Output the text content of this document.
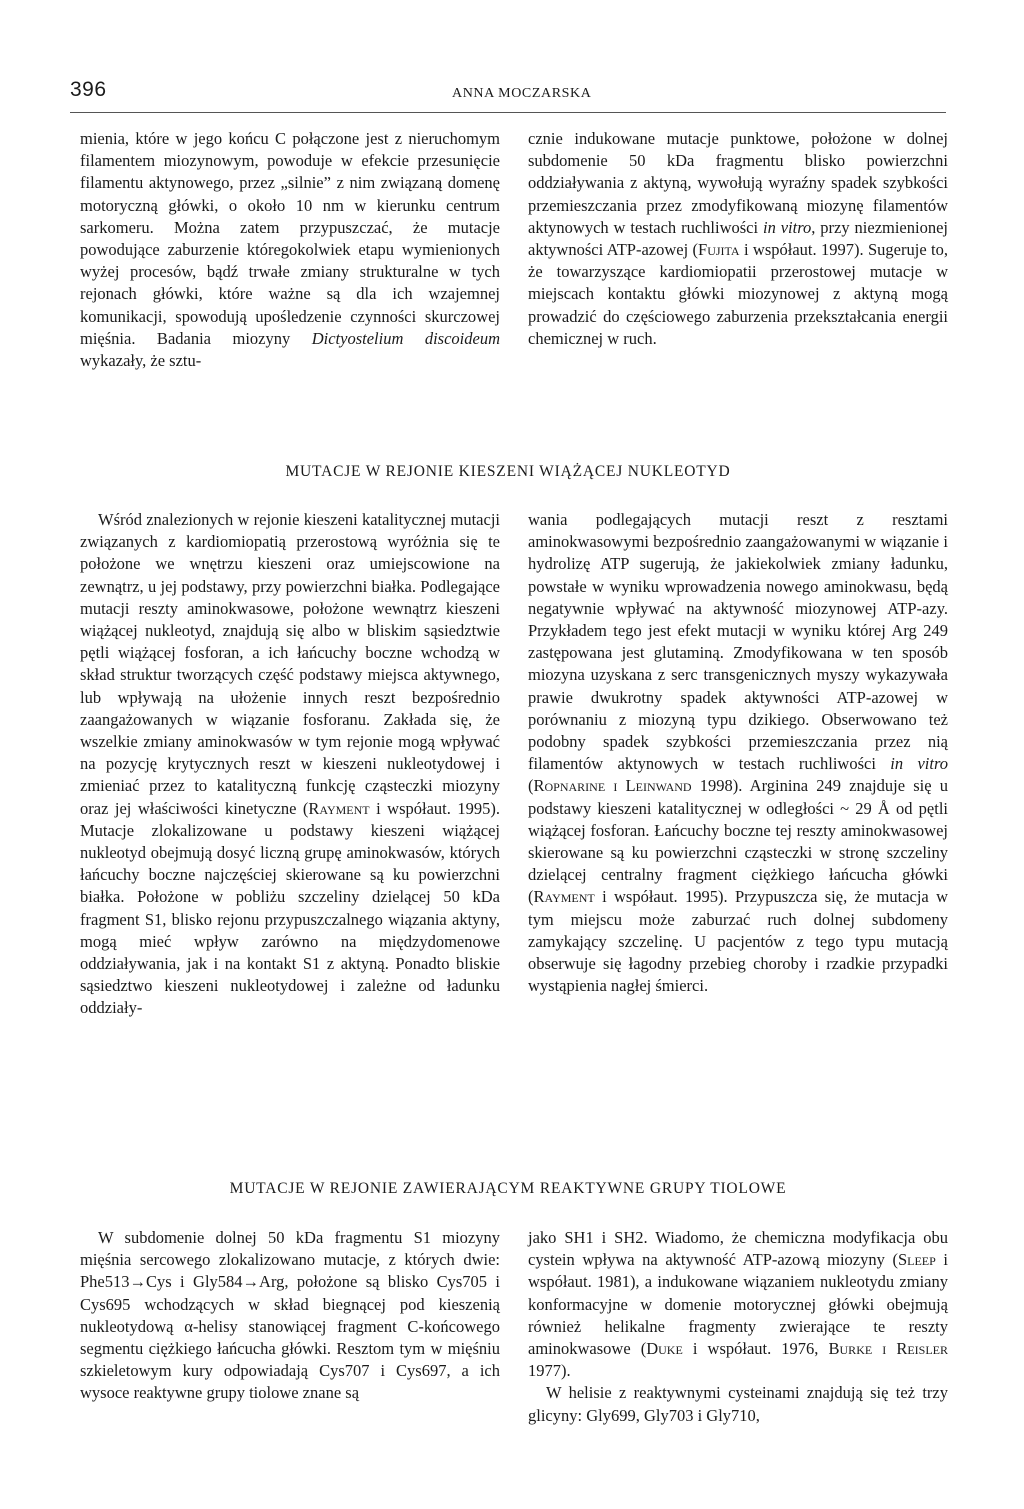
396	ANNA MOCZARSKA

mienia, które w jego końcu C połączone jest z nieruchomym filamentem miozynowym, powoduje w efekcie przesunięcie filamentu aktynowego, przez „silnie” z nim związaną domenę motoryczną główki, o około 10 nm w kierunku centrum sarkomeru. Można zatem przypuszczać, że mutacje powodujące zaburzenie któregokolwiek etapu wymienionych wyżej procesów, bądź trwałe zmiany strukturalne w tych rejonach główki, które ważne są dla ich wzajemnej komunikacji, spowodują upośledzenie czynności skurczowej mięśnia. Badania miozyny Dictyostelium discoideum wykazały, że sztu-

cznie indukowane mutacje punktowe, położone w dolnej subdomenie 50 kDa fragmentu blisko powierzchni oddziaływania z aktyną, wywołują wyraźny spadek szybkości przemieszczania przez zmodyfikowaną miozynę filamentów aktynowych w testach ruchliwości in vitro, przy niezmienionej aktywności ATP-azowej (Fujita i współaut. 1997). Sugeruje to, że towarzyszące kardiomiopatii przerostowej mutacje w miejscach kontaktu główki miozynowej z aktyną mogą prowadzić do częściowego zaburzenia przekształcania energii chemicznej w ruch.

MUTACJE W REJONIE KIESZENI WIĄŻĄCEJ NUKLEOTYD

Wśród znalezionych w rejonie kieszeni katalitycznej mutacji związanych z kardiomiopatią przerostową wyróżnia się te położone we wnętrzu kieszeni oraz umiejscowione na zewnątrz, u jej podstawy, przy powierzchni białka. Podlegające mutacji reszty aminokwasowe, położone wewnątrz kieszeni wiążącej nukleotyd, znajdują się albo w bliskim sąsiedztwie pętli wiążącej fosforan, a ich łańcuchy boczne wchodzą w skład struktur tworzących część podstawy miejsca aktywnego, lub wpływają na ułożenie innych reszt bezpośrednio zaangażowanych w wiązanie fosforanu. Zakłada się, że wszelkie zmiany aminokwasów w tym rejonie mogą wpływać na pozycję krytycznych reszt w kieszeni nukleotydowej i zmieniać przez to katalityczną funkcję cząsteczki miozyny oraz jej właściwości kinetyczne (Rayment i współaut. 1995). Mutacje zlokalizowane u podstawy kieszeni wiążącej nukleotyd obejmują dosyć liczną grupę aminokwasów, których łańcuchy boczne najczęściej skierowane są ku powierzchni białka. Położone w pobliżu szczeliny dzielącej 50 kDa fragment S1, blisko rejonu przypuszczalnego wiązania aktyny, mogą mieć wpływ zarówno na międzydomenowe oddziaływania, jak i na kontakt S1 z aktyną. Ponadto bliskie sąsiedztwo kieszeni nukleotydowej i zależne od ładunku oddziały-

wania podlegających mutacji reszt z resztami aminokwasowymi bezpośrednio zaangażowanymi w wiązanie i hydrolizę ATP sugerują, że jakiekolwiek zmiany ładunku, powstałe w wyniku wprowadzenia nowego aminokwasu, będą negatywnie wpływać na aktywność miozynowej ATP-azy. Przykładem tego jest efekt mutacji w wyniku której Arg 249 zastępowana jest glutaminą. Zmodyfikowana w ten sposób miozyna uzyskana z serc transgenicznych myszy wykazywała prawie dwukrotny spadek aktywności ATP-azowej w porównaniu z miozyną typu dzikiego. Obserwowano też podobny spadek szybkości przemieszczania przez nią filamentów aktynowych w testach ruchliwości in vitro (Ropnarine i Leinwand 1998). Arginina 249 znajduje się u podstawy kieszeni katalitycznej w odległości ~ 29 Å od pętli wiążącej fosforan. Łańcuchy boczne tej reszty aminokwasowej skierowane są ku powierzchni cząsteczki w stronę szczeliny dzielącej centralny fragment ciężkiego łańcucha główki (Rayment i współaut. 1995). Przypuszcza się, że mutacja w tym miejscu może zaburzać ruch dolnej subdomeny zamykający szczelinę. U pacjentów z tego typu mutacją obserwuje się łagodny przebieg choroby i rzadkie przypadki wystąpienia nagłej śmierci.

MUTACJE W REJONIE ZAWIERAJĄCYM REAKTYWNE GRUPY TIOLOWE

W subdomenie dolnej 50 kDa fragmentu S1 miozyny mięśnia sercowego zlokalizowano mutacje, z których dwie: Phe513→Cys i Gly584→Arg, położone są blisko Cys705 i Cys695 wchodzących w skład biegnącej pod kieszenią nukleotydową α-helisy stanowiącej fragment C-końcowego segmentu ciężkiego łańcucha główki. Resztom tym w mięśniu szkieletowym kury odpowiadają Cys707 i Cys697, a ich wysoce reaktywne grupy tiolowe znane są

jako SH1 i SH2. Wiadomo, że chemiczna modyfikacja obu cystein wpływa na aktywność ATP-azową miozyny (Sleep i współaut. 1981), a indukowane wiązaniem nukleotydu zmiany konformacyjne w domenie motorycznej główki obejmują również helikalne fragmenty zwierające te reszty aminokwasowe (Duke i współaut. 1976, Burke i Reisler 1977).

W helisie z reaktywnymi cysteinami znajdują się też trzy glicyny: Gly699, Gly703 i Gly710,
